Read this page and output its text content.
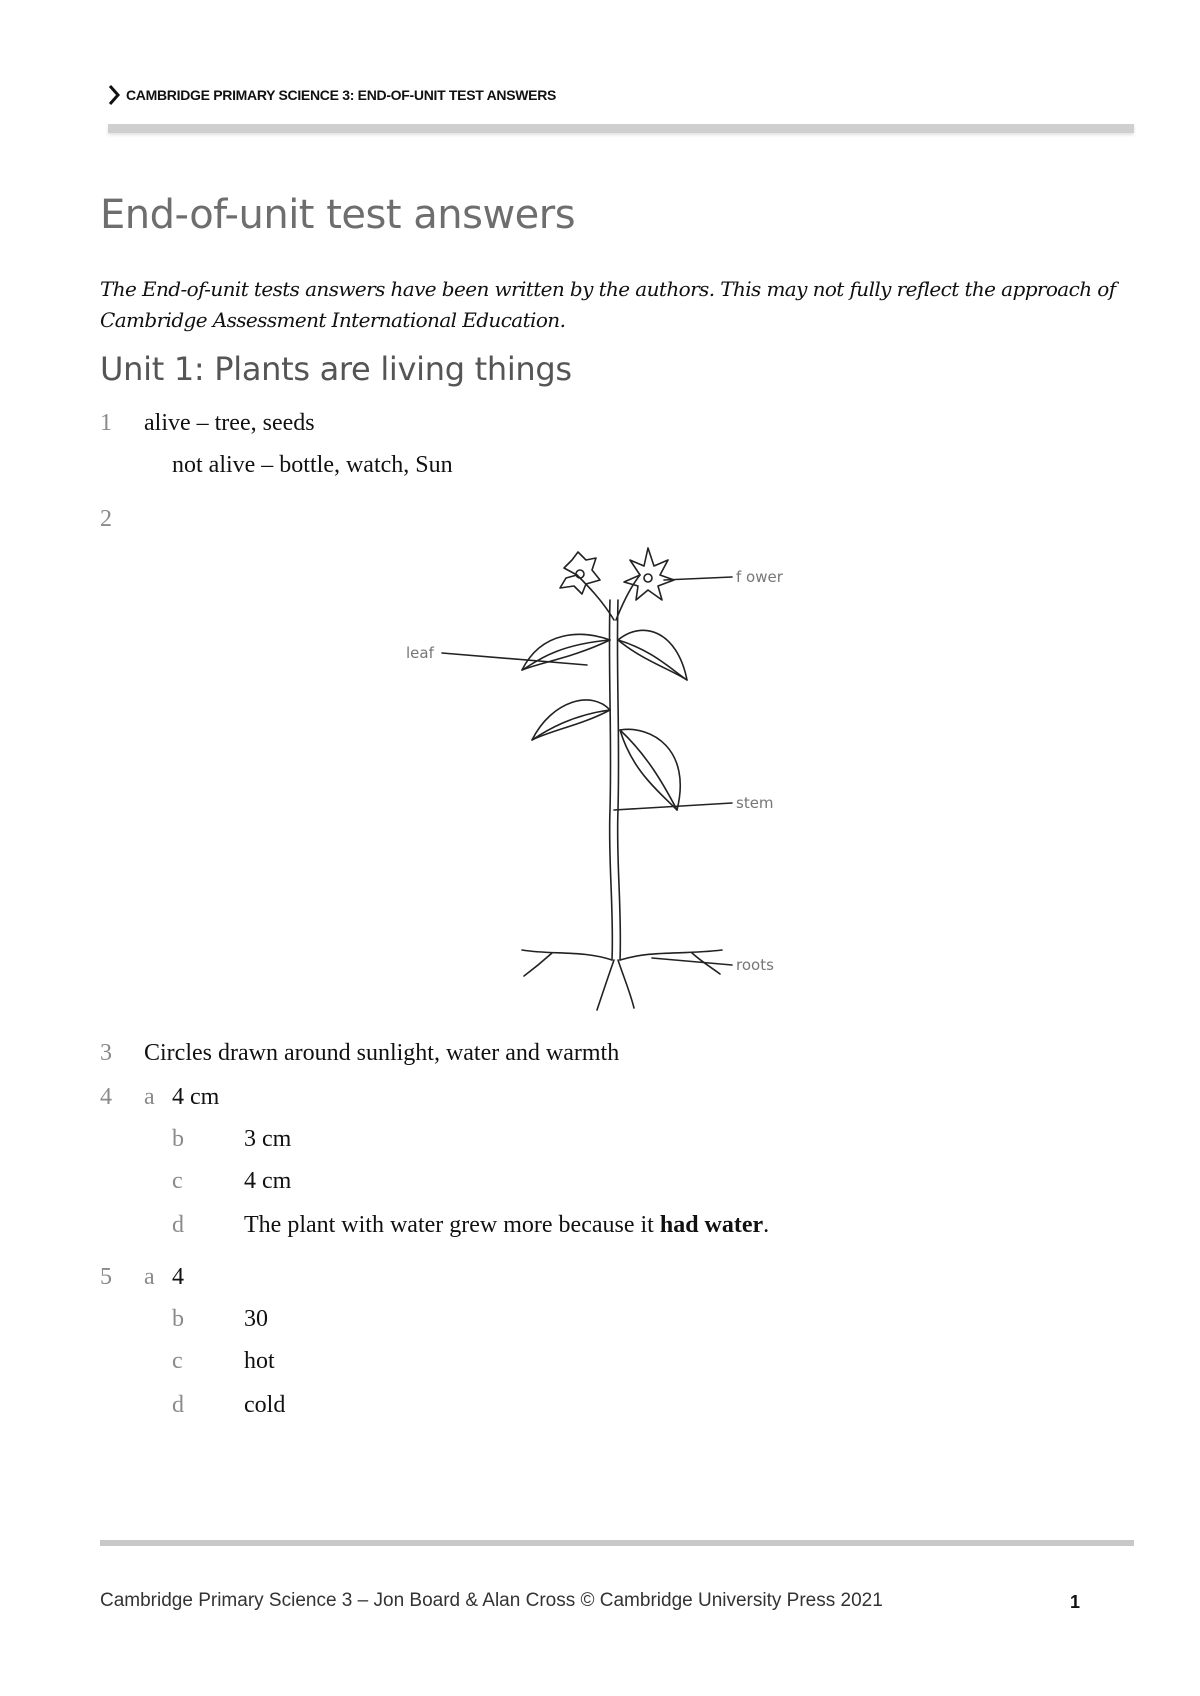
CAMBRIDGE PRIMARY SCIENCE 3: END-OF-UNIT TEST ANSWERS
End-of-unit test answers

The End-of-unit tests answers have been written by the authors. This may not fully reflect the approach of Cambridge Assessment International Education.

Unit 1: Plants are living things
1 alive – tree, seeds
not alive – bottle, watch, Sun
2
f ower
leaf
stem
roots
3 Circles drawn around sunlight, water and warmth
4 a 4 cm
b	3 cm
c	4 cm
d	The plant with water grew more because it had water.
5 a 4
b	30
c	hot
d	cold
Cambridge Primary Science 3 – Jon Board & Alan Cross © Cambridge University Press 2021	1
